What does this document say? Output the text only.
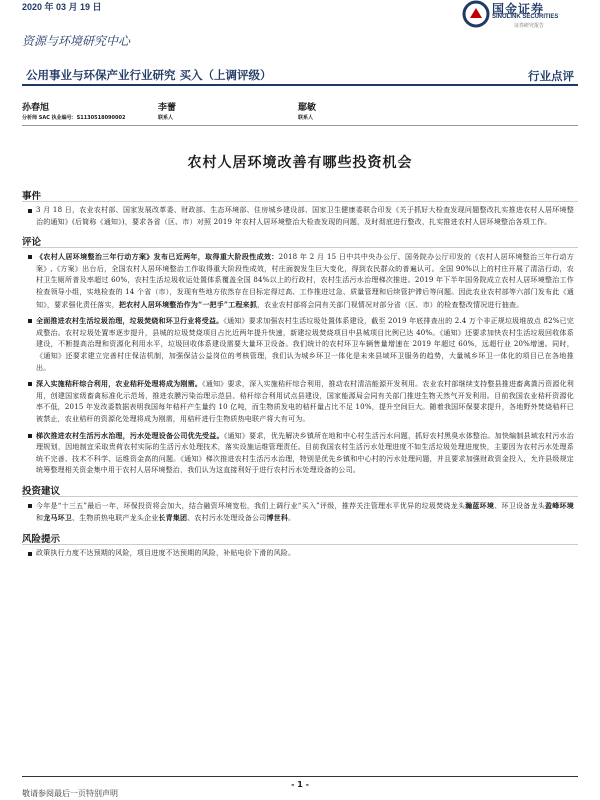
2020 年 03 月 19 日	国金证券
SINOLINK SECURITIES
证券研究报告
资源与环境研究中心
公用事业与环保产业行业研究 买入（上调评级）	行业点评
孙春旭
分析师 SAC 执业编号：S1130518090002
李蕾
联系人
鄢敏
联系人
农村人居环境改善有哪些投资机会
事件
3 月 18 日，农业农村部、国家发展改革委、财政部、生态环境部、住房城乡建设部、国家卫生健康委联合印发《关于抓好大检查发现问题整改扎实推进农村人居环境整治的通知》(后简称《通知》)，要求各省（区、市）对照 2019 年农村人居环境整治大检查发现的问题，及时彻底进行整改，扎实推进农村人居环境整治各项工作。
评论
《农村人居环境整治三年行动方案》发布已近两年，取得重大阶段性成效：2018 年 2 月 15 日中共中央办公厅、国务院办公厅印发的《农村人居环境整治三年行动方案》,《方案》出台后，全国农村人居环境整治工作取得重大阶段性成效，村庄面貌发生巨大变化，得到农民群众的普遍认可。全国 90%以上的村庄开展了清洁行动，农村卫生厕所普及率超过 60%，农村生活垃圾收运处置体系覆盖全国 84%以上的行政村，农村生活污水治理梯次推进。2019 年下半年国务院成立农村人居环境整治工作检查领导小组，实地检查的 14 个省（市），发现有些地方依然存在目标定得过高、工作推进过急、质量管理和后续管护滞后等问题。因此农业农村部等六部门发布此《通知》，要求强化责任落实，把农村人居环境整治作为“一把手”工程来抓，农业农村部将会同有关部门视情况对部分省（区、市）的检查整改情况进行抽查。
全面推进农村生活垃圾治理，垃圾焚烧和环卫行业将受益。《通知》要求加强农村生活垃圾处置体系建设，截至 2019 年底排查出的 2.4 万个非正规垃圾堆放点 82%已完成整治。农村垃圾处置率逐步提升，县城的垃圾焚烧项目占比近两年提升快速，新建垃圾焚烧项目中县城项目比例已达 40%。《通知》还要求加快农村生活垃圾回收体系建设，不断提高治理和资源化利用水平，垃圾回收体系建设需要大量环卫设备。我们统计的农村环卫车辆售量增速在 2019 年超过 60%，远超行业 20%增速。同时，《通知》还要求建立完善村庄保洁机制，加强保洁公益岗位的考核管理，我们认为城乡环卫一体化是未来县域环卫服务的趋势，大量城乡环卫一体化的项目已在各地推出。
深入实施秸秆综合利用，农业秸秆处理将成为刚需。《通知》要求，深入实施秸秆综合利用，推动农村清洁能源开发利用。农业农村部继续支持整县推进畜禽粪污资源化利用，创建国家级畜禽标准化示范场，推进农膜污染治理示范县、秸秆综合利用试点县建设，国家能源局会同有关部门推进生物天然气开发利用。目前我国农业秸秆资源化率不低，2015 年发改委数据表明我国每年秸秆产生量约 10 亿吨，而生物质发电的秸秆量占比不足 10%，提升空间巨大。随着我国环保要求提升，各地野外焚烧秸秆已被禁止，农业秸秆的资源化处理将成为刚需，用秸秆进行生物质热电联产将大有可为。
梯次推进农村生活污水治理，污水处理设备公司优先受益。《通知》要求，优先解决乡镇所在地和中心村生活污水问题，抓好农村黑臭水体整治。加快编制县域农村污水治理规划，因地制宜采取贵荷农村实际的生活污水处理技术，落实设施运维管理责任。目前我国农村生活污水处理进度不如生活垃圾处理进度快，主要因为农村污水处理系统不完善、技术不科学、运维资金高的问题。《通知》梯次推进农村生活污水治理，特别是优先乡镇和中心村的污水处理问题，并且要求加强财政资金投入，允许县级规定统筹整理相关资金集中用于农村人居环境整治，我们认为这直接利好于进行农村污水处理设备的公司。
投资建议
今年是“十三五”最后一年，环保投资将会加大，结合融资环境宽松，我们上调行业“买入”评级，推荐关注管理水平优异的垃圾焚烧龙头瀚蓝环境、环卫设备龙头盈峰环境和龙马环卫、生物质热电联产龙头企业长青集团、农村污水处理设备公司博世科。
风险提示
政策执行力度不达预期的风险，项目进度不达预期的风险，补贴电价下滑的风险。
- 1 -
敬请参阅最后一页特别声明
